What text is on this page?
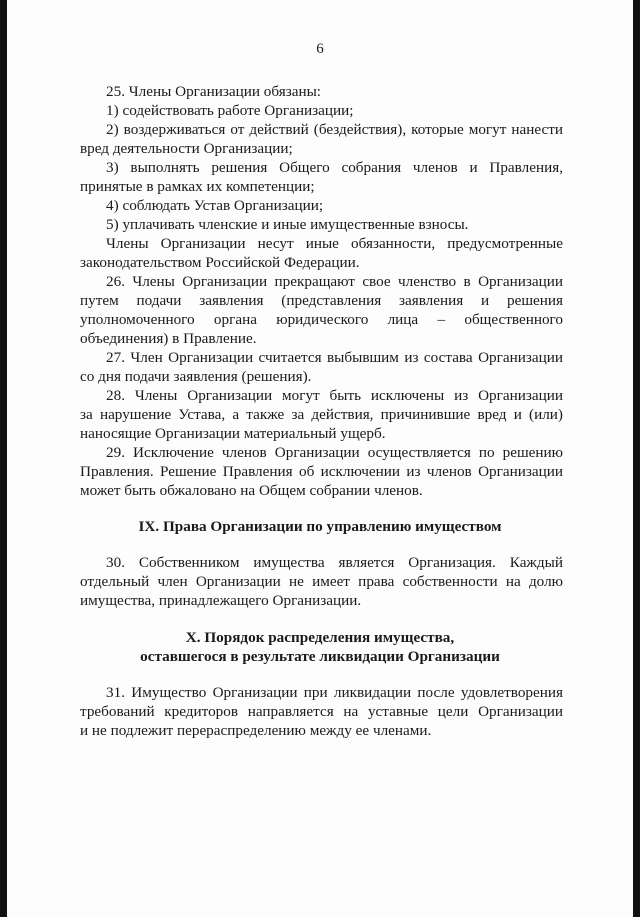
6
25. Члены Организации обязаны:
1) содействовать работе Организации;
2) воздерживаться от действий (бездействия), которые могут нанести
вред деятельности Организации;
3) выполнять решения Общего собрания членов и Правления,
принятые в рамках их компетенции;
4) соблюдать Устав Организации;
5) уплачивать членские и иные имущественные взносы.
Члены Организации несут иные обязанности, предусмотренные
законодательством Российской Федерации.
26. Члены Организации прекращают свое членство в Организации
путем подачи заявления (представления заявления и решения
уполномоченного органа юридического лица – общественного
объединения) в Правление.
27. Член Организации считается выбывшим из состава Организации
со дня подачи заявления (решения).
28. Члены Организации могут быть исключены из Организации
за нарушение Устава, а также за действия, причинившие вред и (или)
наносящие Организации материальный ущерб.
29. Исключение членов Организации осуществляется по решению
Правления. Решение Правления об исключении из членов Организации
может быть обжаловано на Общем собрании членов.
IX. Права Организации по управлению имуществом
30. Собственником имущества является Организация. Каждый
отдельный член Организации не имеет права собственности на долю
имущества, принадлежащего Организации.
X. Порядок распределения имущества,
оставшегося в результате ликвидации Организации
31. Имущество Организации при ликвидации после удовлетворения
требований кредиторов направляется на уставные цели Организации
и не подлежит перераспределению между ее членами.
